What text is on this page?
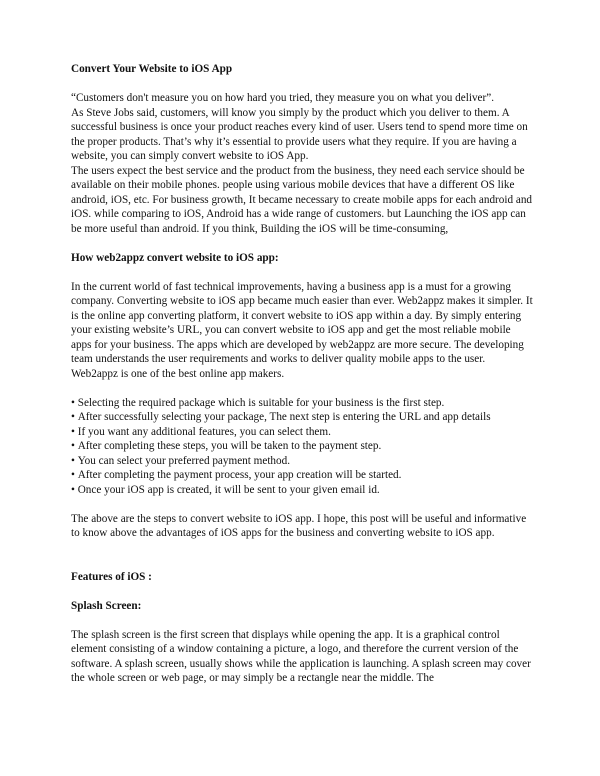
Convert Your Website to iOS App

“Customers don't measure you on how hard you tried, they measure you on what you deliver”.

As Steve Jobs said, customers, will know you simply by the product which you deliver to them. A successful business is once your product reaches every kind of user. Users tend to spend more time on the proper products. That’s why it’s essential to provide users what they require. If you are having a website, you can simply convert website to iOS App.

The users expect the best service and the product from the business, they need each service should be available on their mobile phones. people using various mobile devices that have a different OS like android, iOS, etc. For business growth, It became necessary to create mobile apps for each android and iOS. while comparing to iOS, Android has a wide range of customers. but Launching the iOS app can be more useful than android. If you think, Building the iOS will be time-consuming,

How web2appz convert website to iOS app:

In the current world of fast technical improvements, having a business app is a must for a growing company. Converting website to iOS app became much easier than ever. Web2appz makes it simpler. It is the online app converting platform, it convert website to iOS app within a day. By simply entering your existing website’s URL, you can convert website to iOS app and get the most reliable mobile apps for your business. The apps which are developed by web2appz are more secure. The developing team understands the user requirements and works to deliver quality mobile apps to the user. Web2appz is one of the best online app makers.

• Selecting the required package which is suitable for your business is the first step.
• After successfully selecting your package, The next step is entering the URL and app details
• If you want any additional features, you can select them.
• After completing these steps, you will be taken to the payment step.
• You can select your preferred payment method.
• After completing the payment process, your app creation will be started.
• Once your iOS app is created, it will be sent to your given email id.

The above are the steps to convert website to iOS app. I hope, this post will be useful and informative to know above the advantages of iOS apps for the business and converting website to iOS app.

Features of iOS :

Splash Screen:

The splash screen is the first screen that displays while opening the app. It is a graphical control element consisting of a window containing a picture, a logo, and therefore the current version of the software. A splash screen, usually shows while the application is launching. A splash screen may cover the whole screen or web page, or may simply be a rectangle near the middle. The
